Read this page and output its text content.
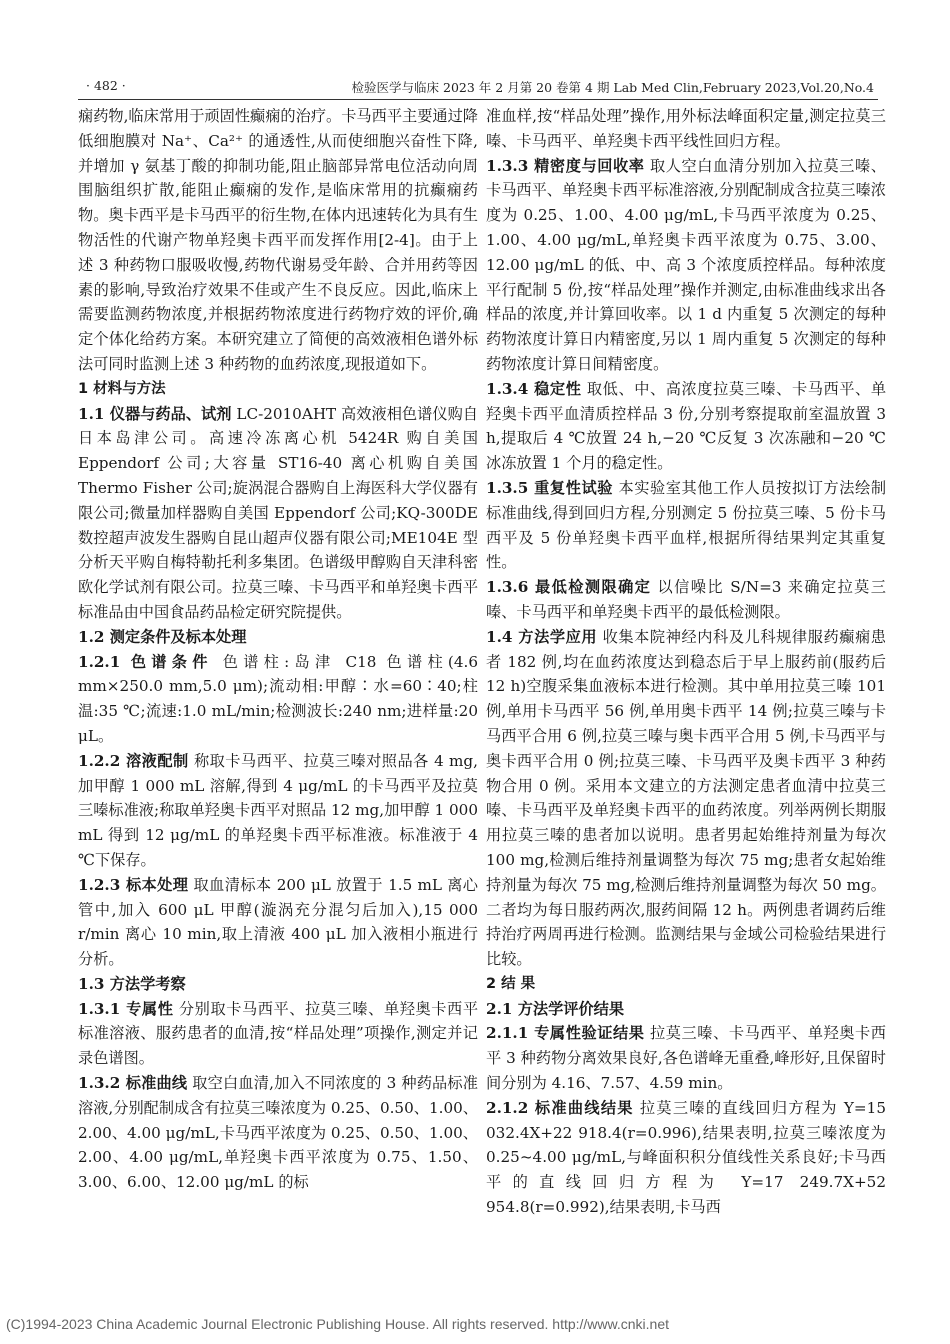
· 482 ·	检验医学与临床 2023 年 2 月第 20 卷第 4 期 Lab Med Clin,February 2023,Vol.20,No.4

痫药物,临床常用于顽固性癫痫的治疗。卡马西平主要通过降低细胞膜对 Na⁺、Ca²⁺ 的通透性,从而使细胞兴奋性下降,并增加 γ 氨基丁酸的抑制功能,阻止脑部异常电位活动向周围脑组织扩散,能阻止癫痫的发作,是临床常用的抗癫痫药物。奥卡西平是卡马西平的衍生物,在体内迅速转化为具有生物活性的代谢产物单羟奥卡西平而发挥作用[2-4]。由于上述 3 种药物口服吸收慢,药物代谢易受年龄、合并用药等因素的影响,导致治疗效果不佳或产生不良反应。因此,临床上需要监测药物浓度,并根据药物浓度进行药物疗效的评价,确定个体化给药方案。本研究建立了简便的高效液相色谱外标法可同时监测上述 3 种药物的血药浓度,现报道如下。

1 材料与方法

1.1 仪器与药品、试剂 LC-2010AHT 高效液相色谱仪购自日本岛津公司。高速冷冻离心机 5424R 购自美国 Eppendorf 公司;大容量 ST16-40 离心机购自美国 Thermo Fisher 公司;旋涡混合器购自上海医科大学仪器有限公司;微量加样器购自美国 Eppendorf 公司;KQ-300DE 数控超声波发生器购自昆山超声仪器有限公司;ME104E 型分析天平购自梅特勒托利多集团。色谱级甲醇购自天津科密欧化学试剂有限公司。拉莫三嗪、卡马西平和单羟奥卡西平标准品由中国食品药品检定研究院提供。

1.2 测定条件及标本处理

1.2.1 色谱条件 色谱柱:岛津 C18 色谱柱(4.6 mm×250.0 mm,5.0 μm);流动相:甲醇∶水=60∶40;柱温:35 ℃;流速:1.0 mL/min;检测波长:240 nm;进样量:20 μL。

1.2.2 溶液配制 称取卡马西平、拉莫三嗪对照品各 4 mg,加甲醇 1 000 mL 溶解,得到 4 μg/mL 的卡马西平及拉莫三嗪标准液;称取单羟奥卡西平对照品 12 mg,加甲醇 1 000 mL 得到 12 μg/mL 的单羟奥卡西平标准液。标准液于 4 ℃下保存。

1.2.3 标本处理 取血清标本 200 μL 放置于 1.5 mL 离心管中,加入 600 μL 甲醇(漩涡充分混匀后加入),15 000 r/min 离心 10 min,取上清液 400 μL 加入液相小瓶进行分析。

1.3 方法学考察

1.3.1 专属性 分别取卡马西平、拉莫三嗪、单羟奥卡西平标准溶液、服药患者的血清,按“样品处理”项操作,测定并记录色谱图。

1.3.2 标准曲线 取空白血清,加入不同浓度的 3 种药品标准溶液,分别配制成含有拉莫三嗪浓度为 0.25、0.50、1.00、2.00、4.00 μg/mL,卡马西平浓度为 0.25、0.50、1.00、2.00、4.00 μg/mL,单羟奥卡西平浓度为 0.75、1.50、3.00、6.00、12.00 μg/mL 的标

准血样,按“样品处理”操作,用外标法峰面积定量,测定拉莫三嗪、卡马西平、单羟奥卡西平线性回归方程。

1.3.3 精密度与回收率 取人空白血清分别加入拉莫三嗪、卡马西平、单羟奥卡西平标准溶液,分别配制成含拉莫三嗪浓度为 0.25、1.00、4.00 μg/mL,卡马西平浓度为 0.25、1.00、4.00 μg/mL,单羟奥卡西平浓度为 0.75、3.00、12.00 μg/mL 的低、中、高 3 个浓度质控样品。每种浓度平行配制 5 份,按“样品处理”操作并测定,由标准曲线求出各样品的浓度,并计算回收率。以 1 d 内重复 5 次测定的每种药物浓度计算日内精密度,另以 1 周内重复 5 次测定的每种药物浓度计算日间精密度。

1.3.4 稳定性 取低、中、高浓度拉莫三嗪、卡马西平、单羟奥卡西平血清质控样品 3 份,分别考察提取前室温放置 3 h,提取后 4 ℃放置 24 h,−20 ℃反复 3 次冻融和−20 ℃冰冻放置 1 个月的稳定性。

1.3.5 重复性试验 本实验室其他工作人员按拟订方法绘制标准曲线,得到回归方程,分别测定 5 份拉莫三嗪、5 份卡马西平及 5 份单羟奥卡西平血样,根据所得结果判定其重复性。

1.3.6 最低检测限确定 以信噪比 S/N=3 来确定拉莫三嗪、卡马西平和单羟奥卡西平的最低检测限。

1.4 方法学应用 收集本院神经内科及儿科规律服药癫痫患者 182 例,均在血药浓度达到稳态后于早上服药前(服药后 12 h)空腹采集血液标本进行检测。其中单用拉莫三嗪 101 例,单用卡马西平 56 例,单用奥卡西平 14 例;拉莫三嗪与卡马西平合用 6 例,拉莫三嗪与奥卡西平合用 5 例,卡马西平与奥卡西平合用 0 例;拉莫三嗪、卡马西平及奥卡西平 3 种药物合用 0 例。采用本文建立的方法测定患者血清中拉莫三嗪、卡马西平及单羟奥卡西平的血药浓度。列举两例长期服用拉莫三嗪的患者加以说明。患者男起始维持剂量为每次 100 mg,检测后维持剂量调整为每次 75 mg;患者女起始维持剂量为每次 75 mg,检测后维持剂量调整为每次 50 mg。二者均为每日服药两次,服药间隔 12 h。两例患者调药后维持治疗两周再进行检测。监测结果与金域公司检验结果进行比较。

2 结 果

2.1 方法学评价结果

2.1.1 专属性验证结果 拉莫三嗪、卡马西平、单羟奥卡西平 3 种药物分离效果良好,各色谱峰无重叠,峰形好,且保留时间分别为 4.16、7.57、4.59 min。

2.1.2 标准曲线结果 拉莫三嗪的直线回归方程为 Y=15 032.4X+22 918.4(r=0.996),结果表明,拉莫三嗪浓度为 0.25~4.00 μg/mL,与峰面积积分值线性关系良好;卡马西平的直线回归方程为 Y=17 249.7X+52 954.8(r=0.992),结果表明,卡马西

(C)1994-2023 China Academic Journal Electronic Publishing House. All rights reserved. http://www.cnki.net
